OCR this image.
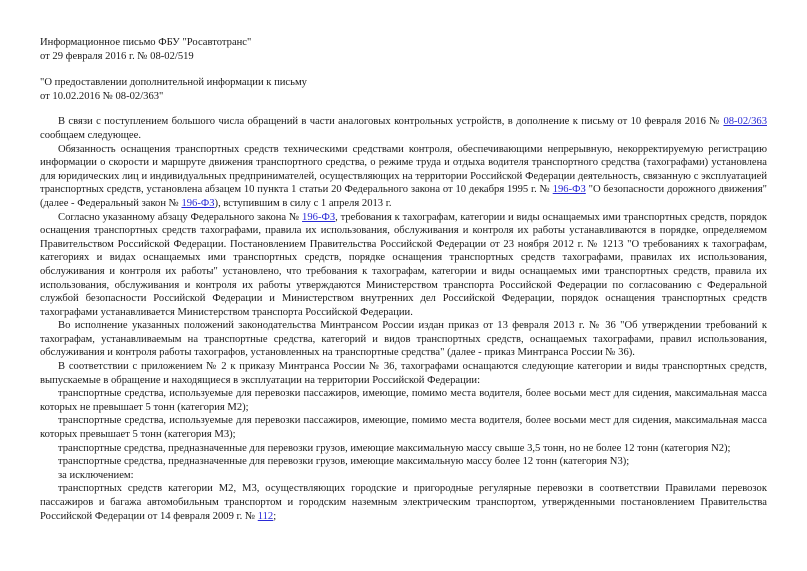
Информационное письмо ФБУ "Росавтотранс"

от 29 февраля 2016 г. № 08-02/519

"О предоставлении дополнительной информации к письму

от 10.02.2016 № 08-02/363"

В связи с поступлением большого числа обращений в части аналоговых контрольных устройств, в дополнение к письму от 10 февраля 2016 № 08-02/363 сообщаем следующее.

Обязанность оснащения транспортных средств техническими средствами контроля, обеспечивающими непрерывную, некорректируемую регистрацию информации о скорости и маршруте движения транспортного средства, о режиме труда и отдыха водителя транспортного средства (тахографами) установлена для юридических лиц и индивидуальных предпринимателей, осуществляющих на территории Российской Федерации деятельность, связанную с эксплуатацией транспортных средств, установлена абзацем 10 пункта 1 статьи 20 Федерального закона от 10 декабря 1995 г. № 196-ФЗ "О безопасности дорожного движения" (далее - Федеральный закон № 196-ФЗ), вступившим в силу с 1 апреля 2013 г.

Согласно указанному абзацу Федерального закона № 196-ФЗ, требования к тахографам, категории и виды оснащаемых ими транспортных средств, порядок оснащения транспортных средств тахографами, правила их использования, обслуживания и контроля их работы устанавливаются в порядке, определяемом Правительством Российской Федерации. Постановлением Правительства Российской Федерации от 23 ноября 2012 г. № 1213 "О требованиях к тахографам, категориях и видах оснащаемых ими транспортных средств, порядке оснащения транспортных средств тахографами, правилах их использования, обслуживания и контроля их работы" установлено, что требования к тахографам, категории и виды оснащаемых ими транспортных средств, правила их использования, обслуживания и контроля их работы утверждаются Министерством транспорта Российской Федерации по согласованию с Федеральной службой безопасности Российской Федерации и Министерством внутренних дел Российской Федерации, порядок оснащения транспортных средств тахографами устанавливается Министерством транспорта Российской Федерации.

Во исполнение указанных положений законодательства Минтрансом России издан приказ от 13 февраля 2013 г. № 36 "Об утверждении требований к тахографам, устанавливаемым на транспортные средства, категорий и видов транспортных средств, оснащаемых тахографами, правил использования, обслуживания и контроля работы тахографов, установленных на транспортные средства" (далее - приказ Минтранса России № 36).

В соответствии с приложением № 2 к приказу Минтранса России № 36, тахографами оснащаются следующие категории и виды транспортных средств, выпускаемые в обращение и находящиеся в эксплуатации на территории Российской Федерации:

транспортные средства, используемые для перевозки пассажиров, имеющие, помимо места водителя, более восьми мест для сидения, максимальная масса которых не превышает 5 тонн (категория M2);

транспортные средства, используемые для перевозки пассажиров, имеющие, помимо места водителя, более восьми мест для сидения, максимальная масса которых превышает 5 тонн (категория M3);

транспортные средства, предназначенные для перевозки грузов, имеющие максимальную массу свыше 3,5 тонн, но не более 12 тонн (категория N2);

транспортные средства, предназначенные для перевозки грузов, имеющие максимальную массу более 12 тонн (категория N3);

за исключением:

транспортных средств категории M2, M3, осуществляющих городские и пригородные регулярные перевозки в соответствии Правилами перевозок пассажиров и багажа автомобильным транспортом и городским наземным электрическим транспортом, утвержденными постановлением Правительства Российской Федерации от 14 февраля 2009 г. № 112;
